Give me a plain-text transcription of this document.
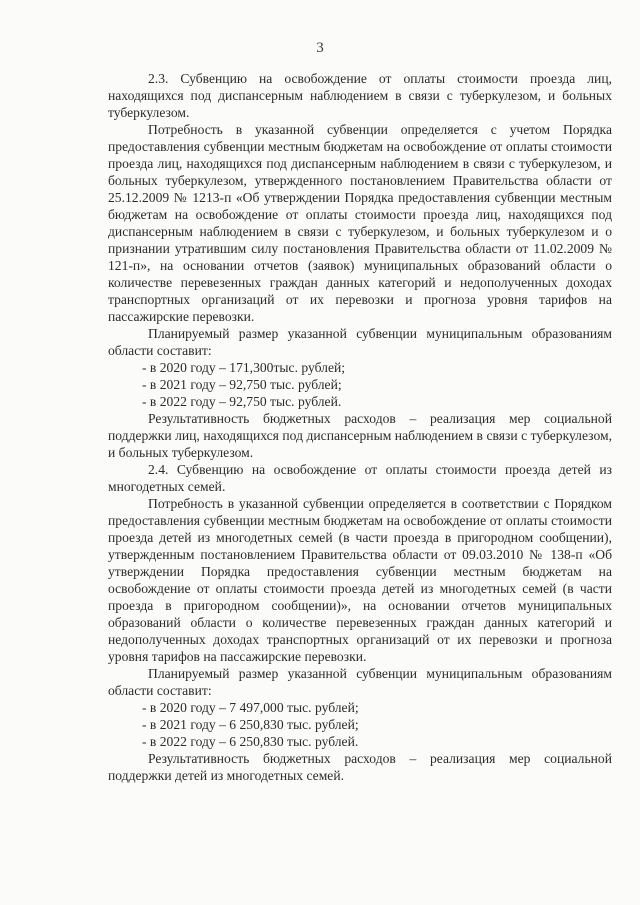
3

2.3. Субвенцию на освобождение от оплаты стоимости проезда лиц, находящихся под диспансерным наблюдением в связи с туберкулезом, и больных туберкулезом.

Потребность в указанной субвенции определяется с учетом Порядка предоставления субвенции местным бюджетам на освобождение от оплаты стоимости проезда лиц, находящихся под диспансерным наблюдением в связи с туберкулезом, и больных туберкулезом, утвержденного постановлением Правительства области от 25.12.2009 № 1213-п «Об утверждении Порядка предоставления субвенции местным бюджетам на освобождение от оплаты стоимости проезда лиц, находящихся под диспансерным наблюдением в связи с туберкулезом, и больных туберкулезом и о признании утратившим силу постановления Правительства области от 11.02.2009 № 121-п», на основании отчетов (заявок) муниципальных образований области о количестве перевезенных граждан данных категорий и недополученных доходах транспортных организаций от их перевозки и прогноза уровня тарифов на пассажирские перевозки.

Планируемый размер указанной субвенции муниципальным образованиям области составит:

- в 2020 году – 171,300тыс. рублей;

- в 2021 году – 92,750 тыс. рублей;

- в 2022 году – 92,750 тыс. рублей.

Результативность бюджетных расходов – реализация мер социальной поддержки лиц, находящихся под диспансерным наблюдением в связи с туберкулезом, и больных туберкулезом.

2.4. Субвенцию на освобождение от оплаты стоимости проезда детей из многодетных семей.

Потребность в указанной субвенции определяется в соответствии с Порядком предоставления субвенции местным бюджетам на освобождение от оплаты стоимости проезда детей из многодетных семей (в части проезда в пригородном сообщении), утвержденным постановлением Правительства области от 09.03.2010 № 138-п «Об утверждении Порядка предоставления субвенции местным бюджетам на освобождение от оплаты стоимости проезда детей из многодетных семей (в части проезда в пригородном сообщении)», на основании отчетов муниципальных образований области о количестве перевезенных граждан данных категорий и недополученных доходах транспортных организаций от их перевозки и прогноза уровня тарифов на пассажирские перевозки.

Планируемый размер указанной субвенции муниципальным образованиям области составит:

- в 2020 году – 7 497,000 тыс. рублей;

- в 2021 году – 6 250,830 тыс. рублей;

- в 2022 году – 6 250,830 тыс. рублей.

Результативность бюджетных расходов – реализация мер социальной поддержки детей из многодетных семей.
